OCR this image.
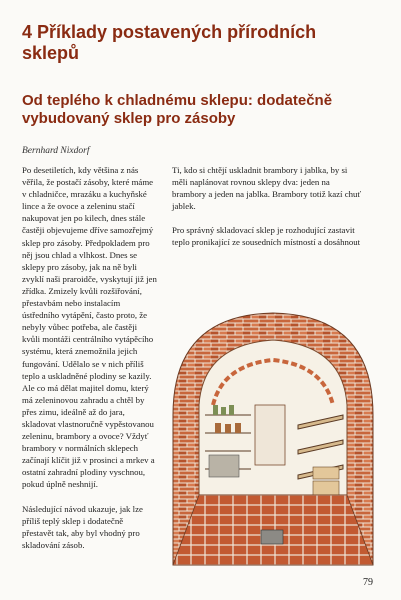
4 Příklady postavených přírodních sklepů
Od teplého k chladnému sklepu: dodatečně vybudovaný sklep pro zásoby
Bernhard Nixdorf

Po desetiletích, kdy většina z nás věřila, že postačí zásoby, které máme v chladničce, mrazáku a kuchyňské lince a že ovoce a zeleninu stačí nakupovat jen po kilech, dnes stále častěji objevujeme dříve samozřejmý sklep pro zásoby. Předpokladem pro něj jsou chlad a vlhkost. Dnes se sklepy pro zásoby, jak na ně byli zvyklí naši praroidče, vyskytují již jen zřídka. Zmizely kvůli rozšiřování, přestavbám nebo instalacím ústředního vytápění, často proto, že nebyly vůbec potřeba, ale častěji kvůli montáži centrálního vytápěcího systému, která znemožnila jejich fungování. Udělalo se v nich příliš teplo a uskladněné plodiny se kazily. Ale co má dělat majitel domu, který má zeleninovou zahradu a chtěl by přes zimu, ideálně až do jara, skladovat vlastnoručně vypěstovanou zeleninu, brambory a ovoce? Vždyť brambory v normálních sklepech začínají klíčit již v prosinci a mrkev a ostatní zahradní plodiny vyschnou, pokud úplně neshnijí.

Následující návod ukazuje, jak lze příliš teplý sklep i dodatečně přestavět tak, aby byl vhodný pro skladování zásob.

Ti, kdo si chtějí uskladnit brambory i jablka, by si měli naplánovat rovnou sklepy dva: jeden na brambory a jeden na jablka. Brambory totiž kazí chuť jablek.

Pro správný skladovací sklep je rozhodující zastavit teplo pronikající ze sousedních místností a dosáhnout

79
